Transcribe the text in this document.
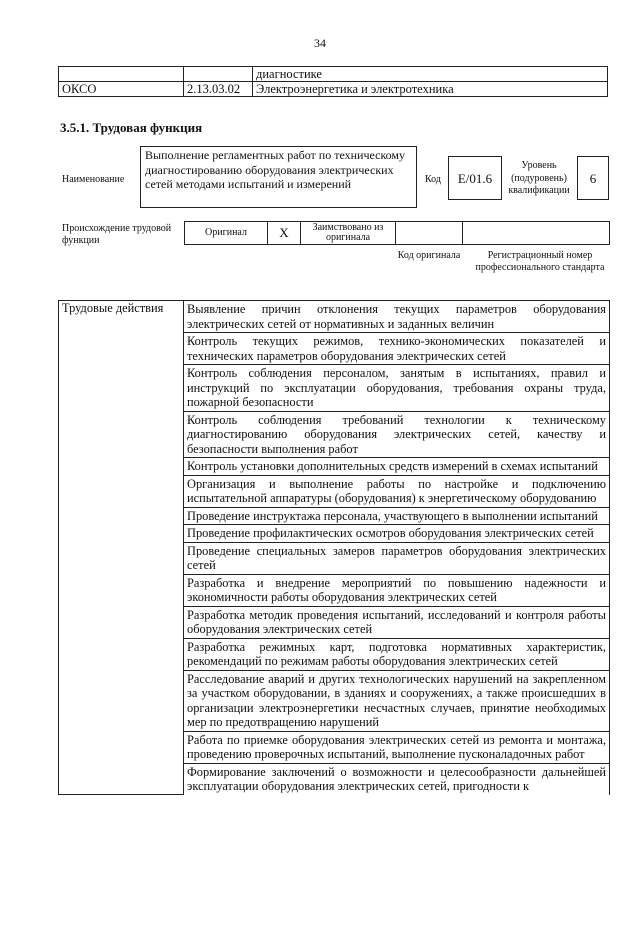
34
		диагностике
ОКСО	2.13.03.02	Электроэнергетика и электротехника
3.5.1. Трудовая функция
Наименование
Выполнение регламентных работ по техническому диагностированию оборудования электрических сетей методами испытаний и измерений	Код	E/01.6
Уровень (подуровень) квалификации
6
Происхождение трудовой функции
Оригинал	X	Заимствовано из оригинала		
Код оригинала	Регистрационный номер профессионального стандарта
Трудовые действия	Выявление причин отклонения текущих параметров оборудования электрических сетей от нормативных и заданных величин
Контроль текущих режимов, технико-экономических показателей и технических параметров оборудования электрических сетей
Контроль соблюдения персоналом, занятым в испытаниях, правил и инструкций по эксплуатации оборудования, требования охраны труда, пожарной безопасности
Контроль соблюдения требований технологии к техническому диагностированию оборудования электрических сетей, качеству и безопасности выполнения работ
Контроль установки дополнительных средств измерений в схемах испытаний
Организация и выполнение работы по настройке и подключению испытательной аппаратуры (оборудования) к энергетическому оборудованию
Проведение инструктажа персонала, участвующего в выполнении испытаний
Проведение профилактических осмотров оборудования электрических сетей
Проведение специальных замеров параметров оборудования электрических сетей
Разработка и внедрение мероприятий по повышению надежности и экономичности работы оборудования электрических сетей
Разработка методик проведения испытаний, исследований и контроля работы оборудования электрических сетей
Разработка режимных карт, подготовка нормативных характеристик, рекомендаций по режимам работы оборудования электрических сетей
Расследование аварий и других технологических нарушений на закрепленном за участком оборудовании, в зданиях и сооружениях, а также происшедших в организации электроэнергетики несчастных случаев, принятие необходимых мер по предотвращению нарушений
Работа по приемке оборудования электрических сетей из ремонта и монтажа, проведению проверочных испытаний, выполнение пусконаладочных работ
Формирование заключений о возможности и целесообразности дальнейшей эксплуатации оборудования электрических сетей, пригодности к
